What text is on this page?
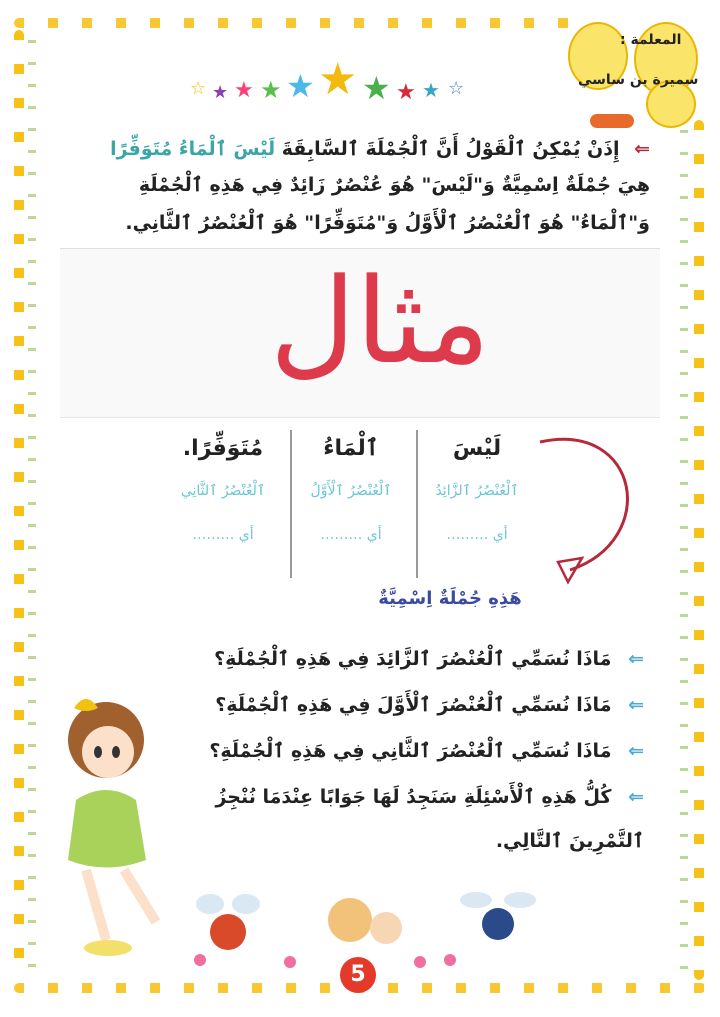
المعلمة :
سميرة بن ساسي
☆ ★ ★ ★ ★ ★ ★ ★ ★ ☆
⇐ إِذَنْ يُمْكِنُ ٱلْقَوْلُ أَنَّ ٱلْجُمْلَةَ ٱلسَّابِقَةَ لَيْسَ ٱلْمَاءُ مُتَوَفِّرًا
هِيَ جُمْلَةٌ اِسْمِيَّةٌ وَ"لَيْسَ" هُوَ عُنْصُرٌ زَائِدٌ فِي هَذِهِ ٱلْجُمْلَةِ
وَ"ٱلْمَاءُ" هُوَ ٱلْعُنْصُرُ ٱلْأَوَّلُ وَ"مُتَوَفِّرًا" هُوَ ٱلْعُنْصُرُ ٱلثَّانِي.
مثال
لَيْسَ
ٱلْعُنْصُرُ ٱلزَّائِدُ
أي ………
ٱلْمَاءُ
ٱلْعُنْصُرُ ٱلْأَوَّلُ
أي ………
مُتَوَفِّرًا.
ٱلْعُنْصُرُ ٱلثَّانِي
أي ………
هَذِهِ جُمْلَةٌ اِسْمِيَّةٌ
⇐ مَاذَا نُسَمِّي ٱلْعُنْصُرَ ٱلزَّائِدَ فِي هَذِهِ ٱلْجُمْلَةِ؟
⇐ مَاذَا نُسَمِّي ٱلْعُنْصُرَ ٱلْأَوَّلَ فِي هَذِهِ ٱلْجُمْلَةِ؟
⇐ مَاذَا نُسَمِّي ٱلْعُنْصُرَ ٱلثَّانِي فِي هَذِهِ ٱلْجُمْلَةِ؟
⇐ كُلُّ هَذِهِ ٱلْأَسْئِلَةِ سَنَجِدُ لَهَا جَوَابًا عِنْدَمَا نُنْجِزُ
ٱلتَّمْرِينَ ٱلتَّالِي.
5
